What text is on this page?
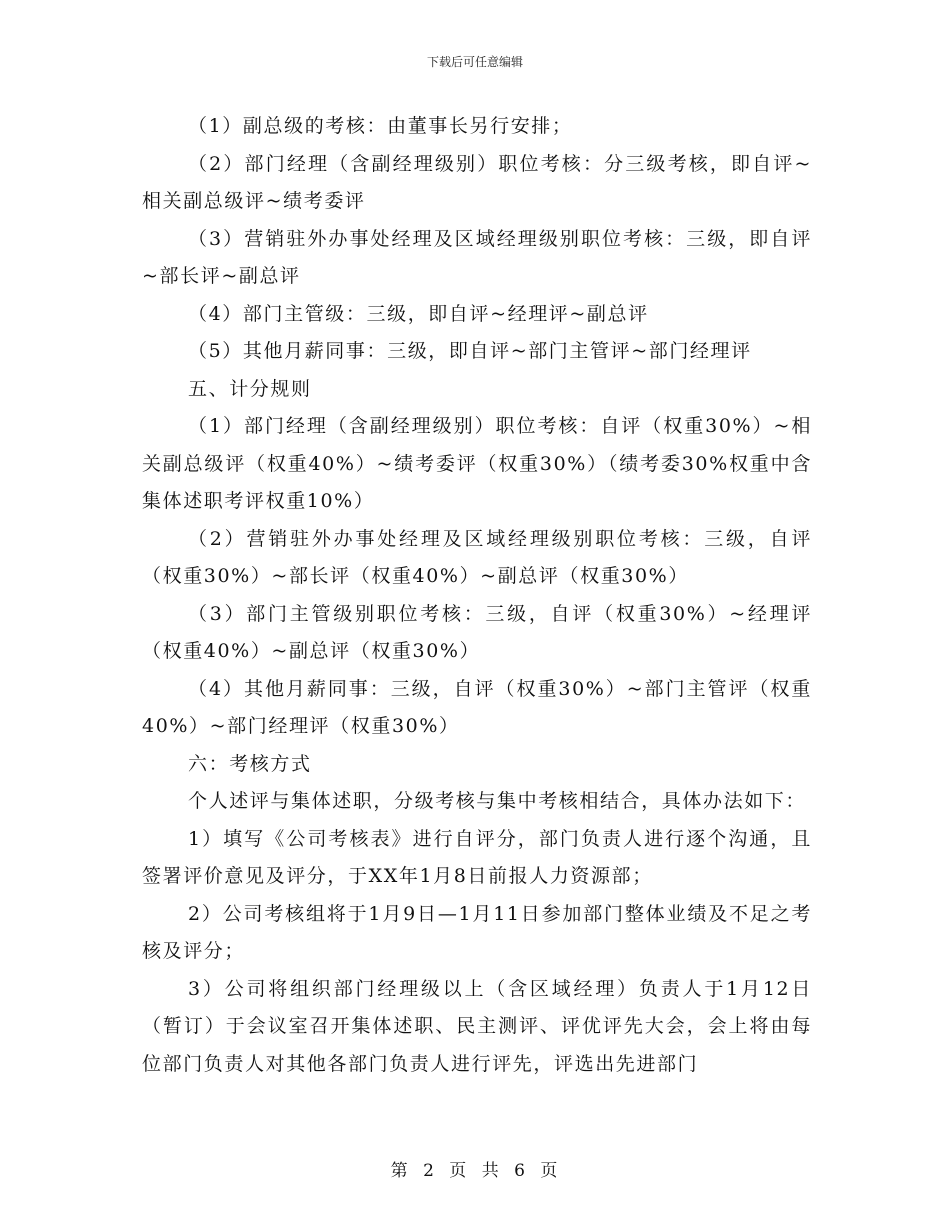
下载后可任意编辑

（1）副总级的考核：由董事长另行安排；

（2）部门经理（含副经理级别）职位考核：分三级考核，即自评~相关副总级评~绩考委评

（3）营销驻外办事处经理及区域经理级别职位考核：三级，即自评~部长评~副总评

（4）部门主管级：三级，即自评~经理评~副总评

（5）其他月薪同事：三级，即自评~部门主管评~部门经理评

五、计分规则

（1）部门经理（含副经理级别）职位考核：自评（权重30%）~相关副总级评（权重40%）~绩考委评（权重30%）（绩考委30%权重中含集体述职考评权重10%）

（2）营销驻外办事处经理及区域经理级别职位考核：三级，自评（权重30%）~部长评（权重40%）~副总评（权重30%）

（3）部门主管级别职位考核：三级，自评（权重30%）~经理评（权重40%）~副总评（权重30%）

（4）其他月薪同事：三级，自评（权重30%）~部门主管评（权重40%）~部门经理评（权重30%）

六：考核方式

个人述评与集体述职，分级考核与集中考核相结合，具体办法如下：

1）填写《公司考核表》进行自评分，部门负责人进行逐个沟通，且签署评价意见及评分，于XX年1月8日前报人力资源部；

2）公司考核组将于1月9日—1月11日参加部门整体业绩及不足之考核及评分；

3）公司将组织部门经理级以上（含区域经理）负责人于1月12日（暂订）于会议室召开集体述职、民主测评、评优评先大会，会上将由每位部门负责人对其他各部门负责人进行评先，评选出先进部门

第 2 页 共 6 页
